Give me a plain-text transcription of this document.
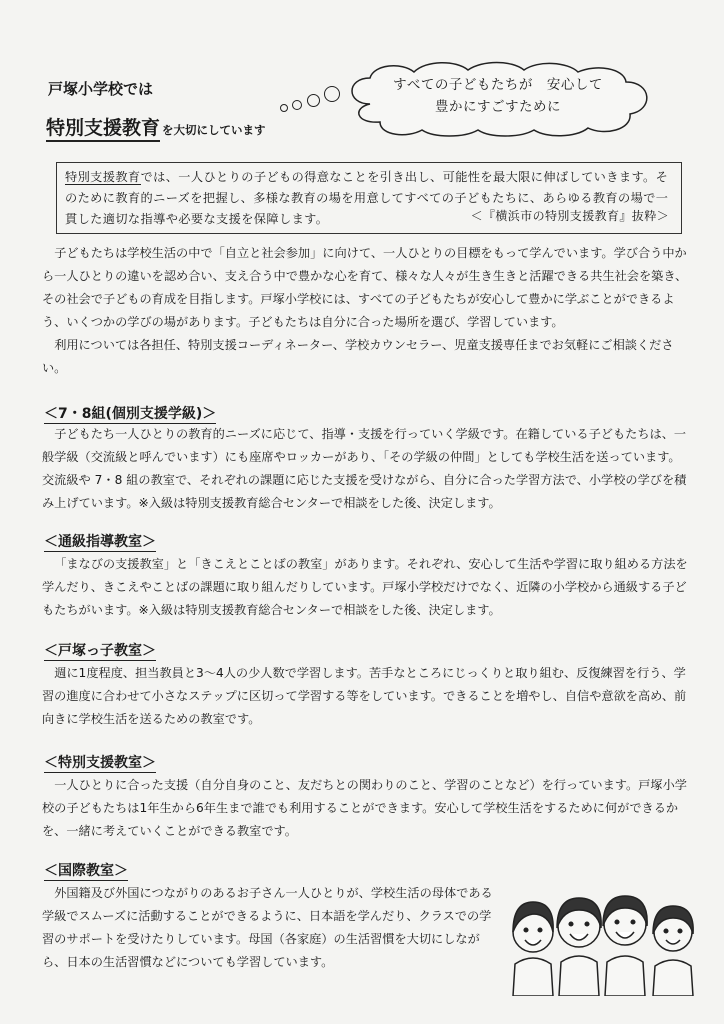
戸塚小学校では
特別支援教育 を大切にしています
すべての子どもたちが　安心して
豊かにすごすために
特別支援教育では、一人ひとりの子どもの得意なことを引き出し、可能性を最大限に伸ばしていきます。そのために教育的ニーズを把握し、多様な教育の場を用意してすべての子どもたちに、あらゆる教育の場で一貫した適切な指導や必要な支援を保障します。	＜『横浜市の特別支援教育』抜粋＞
子どもたちは学校生活の中で「自立と社会参加」に向けて、一人ひとりの目標をもって学んでいます。学び合う中から一人ひとりの違いを認め合い、支え合う中で豊かな心を育て、様々な人々が生き生きと活躍できる共生社会を築き、その社会で子どもの育成を目指します。戸塚小学校には、すべての子どもたちが安心して豊かに学ぶことができるよう、いくつかの学びの場があります。子どもたちは自分に合った場所を選び、学習しています。
利用については各担任、特別支援コーディネーター、学校カウンセラー、児童支援専任までお気軽にご相談ください。
＜7・8組(個別支援学級)＞
子どもたち一人ひとりの教育的ニーズに応じて、指導・支援を行っていく学級です。在籍している子どもたちは、一般学級（交流級と呼んでいます）にも座席やロッカーがあり、「その学級の仲間」としても学校生活を送っています。交流級や 7・8 組の教室で、それぞれの課題に応じた支援を受けながら、自分に合った学習方法で、小学校の学びを積み上げています。※入級は特別支援教育総合センターで相談をした後、決定します。
＜通級指導教室＞
「まなびの支援教室」と「きこえとことばの教室」があります。それぞれ、安心して生活や学習に取り組める方法を学んだり、きこえやことばの課題に取り組んだりしています。戸塚小学校だけでなく、近隣の小学校から通級する子どもたちがいます。※入級は特別支援教育総合センターで相談をした後、決定します。
＜戸塚っ子教室＞
週に1度程度、担当教員と3～4人の少人数で学習します。苦手なところにじっくりと取り組む、反復練習を行う、学習の進度に合わせて小さなステップに区切って学習する等をしています。できることを増やし、自信や意欲を高め、前向きに学校生活を送るための教室です。
＜特別支援教室＞
一人ひとりに合った支援（自分自身のこと、友だちとの関わりのこと、学習のことなど）を行っています。戸塚小学校の子どもたちは1年生から6年生まで誰でも利用することができます。安心して学校生活をするために何ができるかを、一緒に考えていくことができる教室です。
＜国際教室＞
外国籍及び外国につながりのあるお子さん一人ひとりが、学校生活の母体である学級でスムーズに活動することができるように、日本語を学んだり、クラスでの学習のサポートを受けたりしています。母国（各家庭）の生活習慣を大切にしながら、日本の生活習慣などについても学習しています。
